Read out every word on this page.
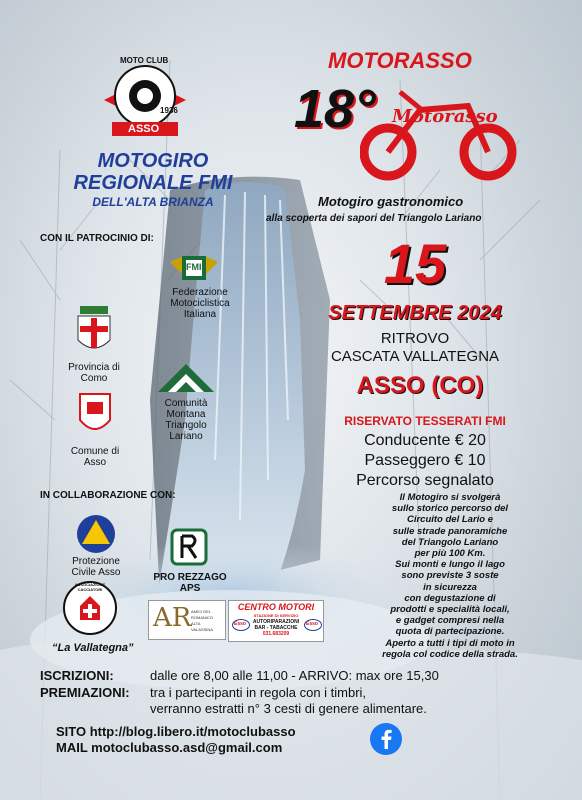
MOTO CLUB
1936
ASSO
MOTOGIRO
REGIONALE FMI
DELL'ALTA BRIANZA
MOTORASSO
18° Motorasso
Motogiro gastronomico
alla scoperta dei sapori del Triangolo Lariano
15
SETTEMBRE 2024
RITROVO
CASCATA VALLATEGNA
ASSO (CO)
RISERVATO TESSERATI FMI
Conducente € 20
Passeggero € 10
Percorso segnalato
Il Motogiro si svolgerà
sullo storico percorso del
Circuito del Lario e
sulle strade panoramiche
del Triangolo Lariano
per più 100 Km.
Sui monti e lungo il lago
sono previste 3 soste
in sicurezza
con degustazione di
prodotti e specialità locali,
e gadget compresi nella
quota di partecipazione.
Aperto a tutti i tipi di moto in
regola col codice della strada.
CON IL PATROCINIO DI:
FMI
Federazione Motociclistica Italiana
Provincia di Como
Comunità Montana Triangolo Lariano
Comune di Asso
IN COLLABORAZIONE CON:
Protezione Civile Asso	PRO REZZAGO APS
ASSOCIAZIONE CACCIATORI
AR AMICI DEL ROMANICO ALTA VALASSINA
CENTRO MOTORI
STAZIONE DI SERVIZIO
AUTORIPARAZIONI
BAR - TABACCHE
031.683209
Esso	Esso
“La Vallategna”
ISCRIZIONI:	dalle ore 8,00 alle 11,00 - ARRIVO: max ore 15,30
PREMIAZIONI: tra i partecipanti in regola con i timbri,
verranno estratti n° 3 cesti di genere alimentare.
SITO http://blog.libero.it/motoclubasso
MAIL motoclubasso.asd@gmail.com
